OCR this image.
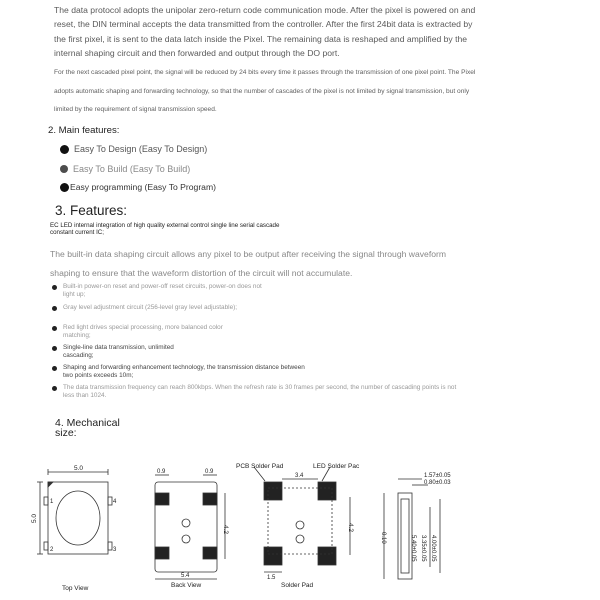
The data protocol adopts the unipolar zero-return code communication mode. After the pixel is powered on and reset, the DIN terminal accepts the data transmitted from the controller. After the first 24bit data is extracted by the first pixel, it is sent to the data latch inside the Pixel. The remaining data is reshaped and amplified by the internal shaping circuit and then forwarded and output through the DO port.
For the next cascaded pixel point, the signal will be reduced by 24 bits every time it passes through the transmission of one pixel point. The Pixel adopts automatic shaping and forwarding technology, so that the number of cascades of the pixel is not limited by signal transmission, but only limited by the requirement of signal transmission speed.
2. Main features:
Easy To Design (Easy To Design)
Easy To Build (Easy To Build)
Easy programming (Easy To Program)
3. Features:
EC LED internal integration of high quality external control single line serial cascade
constant current IC;
The built-in data shaping circuit allows any pixel to be output after receiving the signal through waveform shaping to ensure that the waveform distortion of the circuit will not accumulate.
Built-in power-on reset and power-off reset circuits, power-on does not light up;
Gray level adjustment circuit (256-level gray level adjustable);
Red light drives special processing, more balanced color matching;
Single-line data transmission, unlimited cascading;
Shaping and forwarding enhancement technology, the transmission distance between two points exceeds 10m;
The data transmission frequency can reach 800kbps. When the refresh rate is 30 frames per second, the number of cascading points is not less than 1024.
4. Mechanical
size:
5.0
5.0
1
2	3
4
Top View
0.9	0.9
4.2
5.4
Back View
PCB Solder Pad	LED Solder Pac
3.4
4.2
1.5
Solder Pad
1.57±0.05
0.80±0.03
0.10	5.40±0.05 3.35±0.05 4.00±0.05
